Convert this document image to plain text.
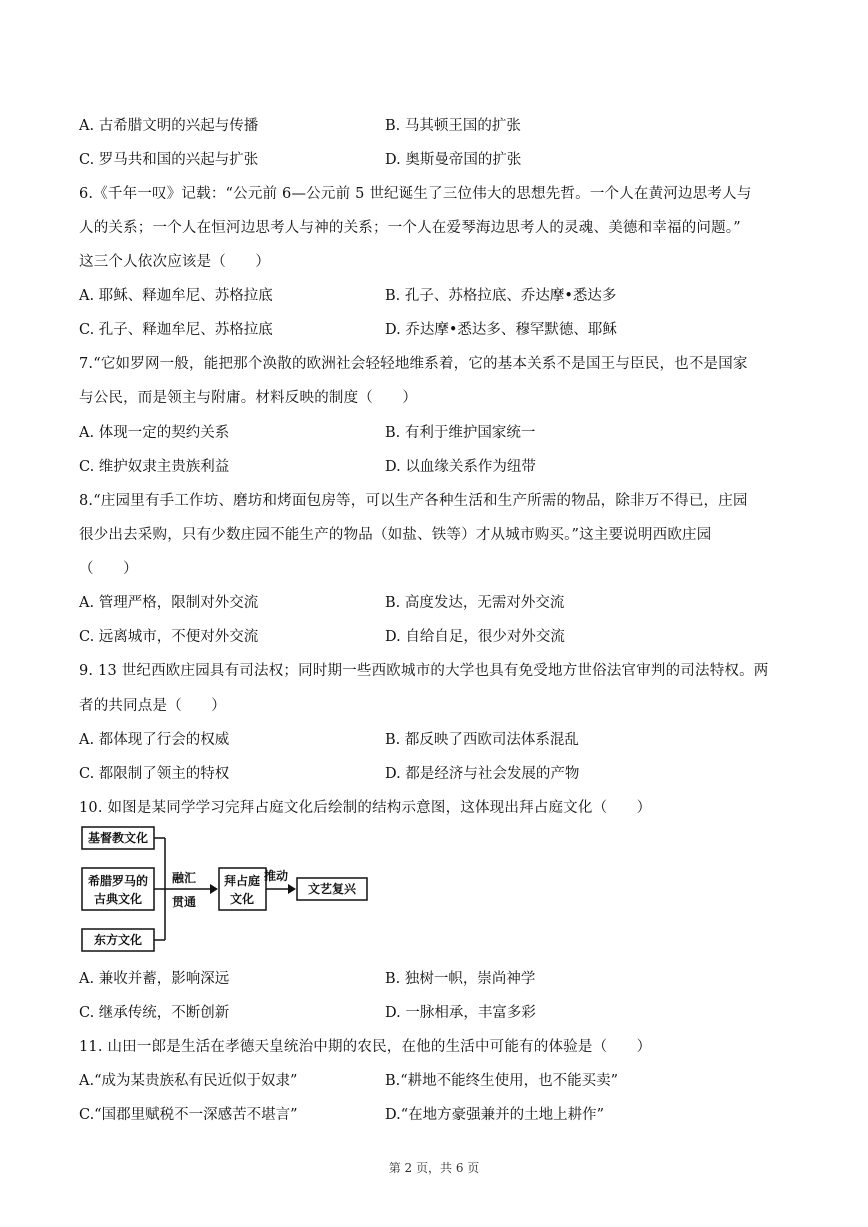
A. 古希腊文明的兴起与传播	B. 马其顿王国的扩张
C. 罗马共和国的兴起与扩张	D. 奥斯曼帝国的扩张
6.《千年一叹》记载：“公元前 6—公元前 5 世纪诞生了三位伟大的思想先哲。一个人在黄河边思考人与
人的关系；一个人在恒河边思考人与神的关系；一个人在爱琴海边思考人的灵魂、美德和幸福的问题。”
这三个人依次应该是（　　）
A. 耶稣、释迦牟尼、苏格拉底	B. 孔子、苏格拉底、乔达摩•悉达多
C. 孔子、释迦牟尼、苏格拉底	D. 乔达摩•悉达多、穆罕默德、耶稣
7.“它如罗网一般，能把那个涣散的欧洲社会轻轻地维系着，它的基本关系不是国王与臣民，也不是国家
与公民，而是领主与附庸。材料反映的制度（　　）
A. 体现一定的契约关系	B. 有利于维护国家统一
C. 维护奴隶主贵族利益	D. 以血缘关系作为纽带
8.“庄园里有手工作坊、磨坊和烤面包房等，可以生产各种生活和生产所需的物品，除非万不得已，庄园
很少出去采购，只有少数庄园不能生产的物品（如盐、铁等）才从城市购买。”这主要说明西欧庄园
（　　）
A. 管理严格，限制对外交流	B. 高度发达，无需对外交流
C. 远离城市，不便对外交流	D. 自给自足，很少对外交流
9. 13 世纪西欧庄园具有司法权；同时期一些西欧城市的大学也具有免受地方世俗法官审判的司法特权。两
者的共同点是（　　）
A. 都体现了行会的权威	B. 都反映了西欧司法体系混乱
C. 都限制了领主的特权	D. 都是经济与社会发展的产物
10. 如图是某同学学习完拜占庭文化后绘制的结构示意图，这体现出拜占庭文化（　　）
基督教文化
希腊罗马的
古典文化
东方文化
融汇
贯通
拜占庭
文化
推动
文艺复兴
A. 兼收并蓄，影响深远	B. 独树一帜，崇尚神学
C. 继承传统，不断创新	D. 一脉相承，丰富多彩
11. 山田一郎是生活在孝德天皇统治中期的农民，在他的生活中可能有的体验是（　　）
A.“成为某贵族私有民近似于奴隶”	B.“耕地不能终生使用，也不能买卖”
C.“国郡里赋税不一深感苦不堪言”	D.“在地方豪强兼并的土地上耕作”
第 2 页，共 6 页
